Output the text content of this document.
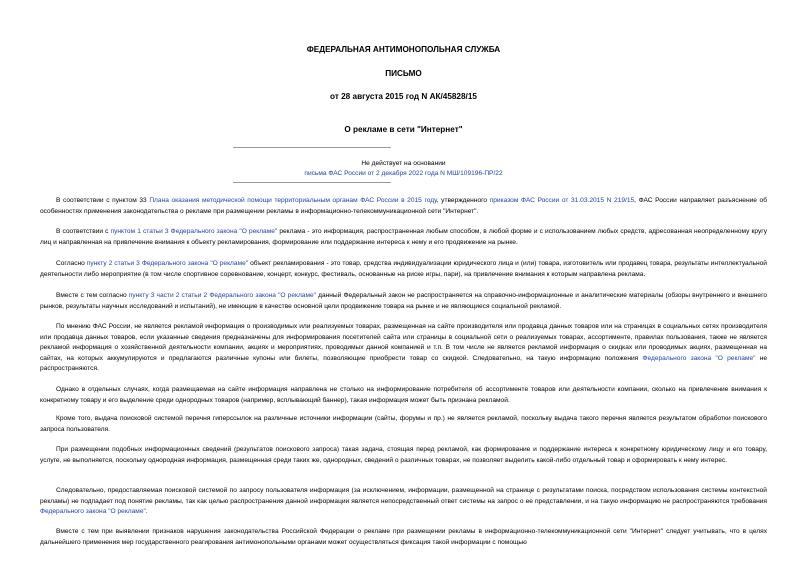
ФЕДЕРАЛЬНАЯ АНТИМОНОПОЛЬНАЯ СЛУЖБА
ПИСЬМО
от 28 августа 2015 год N АК/45828/15
О рекламе в сети "Интернет"
Не действует на основании
письма ФАС России от 2 декабря 2022 года N МШ/109196-ПР/22
В соответствии с пунктом 33 Плана оказания методической помощи территориальным органам ФАС России в 2015 году, утвержденного приказом ФАС России от 31.03.2015 N 219/15, ФАС России направляет разъяснение об особенностях применения законодательства о рекламе при размещении рекламы в информационно-телекоммуникационной сети "Интернет".
В соответствии с пунктом 1 статьи 3 Федерального закона "О рекламе" реклама - это информация, распространенная любым способом, в любой форме и с использованием любых средств, адресованная неопределенному кругу лиц и направленная на привлечение внимания к объекту рекламирования, формирование или поддержание интереса к нему и его продвижение на рынке.
Согласно пункту 2 статьи 3 Федерального закона "О рекламе" объект рекламирования - это товар, средства индивидуализации юридического лица и (или) товара, изготовитель или продавец товара, результаты интеллектуальной деятельности либо мероприятие (в том числе спортивное соревнование, концерт, конкурс, фестиваль, основанные на риске игры, пари), на привлечение внимания к которым направлена реклама.
Вместе с тем согласно пункту 3 части 2 статьи 2 Федерального закона "О рекламе" данный Федеральный закон не распространяется на справочно-информационные и аналитические материалы (обзоры внутреннего и внешнего рынков, результаты научных исследований и испытаний), не имеющие в качестве основной цели продвижение товара на рынке и не являющиеся социальной рекламой.
По мнению ФАС России, не является рекламой информация о производимых или реализуемых товарах, размещенная на сайте производителя или продавца данных товаров или на страницах в социальных сетях производителя или продавца данных товаров, если указанные сведения предназначены для информирования посетителей сайта или страницы в социальной сети о реализуемых товарах, ассортименте, правилах пользования, также не является рекламой информация о хозяйственной деятельности компании, акциях и мероприятиях, проводимых данной компанией и т.п. В том числе не является рекламой информация о скидках или проводимых акциях, размещенная на сайтах, на которых аккумулируются и предлагаются различные купоны или билеты, позволяющие приобрести товар со скидкой. Следовательно, на такую информацию положения Федерального закона "О рекламе" не распространяются.
Однако в отдельных случаях, когда размещаемая на сайте информация направлена не столько на информирование потребителя об ассортименте товаров или деятельности компании, сколько на привлечение внимания к конкретному товару и его выделение среди однородных товаров (например, всплывающий баннер), такая информация может быть признана рекламой.
Кроме того, выдача поисковой системой перечня гиперссылок на различные источники информации (сайты, форумы и пр.) не является рекламой, поскольку выдача такого перечня является результатом обработки поискового запроса пользователя.
При размещении подобных информационных сведений (результатов поискового запроса) такая задача, стоящая перед рекламой, как формирование и поддержание интереса к конкретному юридическому лицу и его товару, услуге, не выполняется, поскольку однородная информация, размещенная среди таких же, однородных, сведений о различных товарах, не позволяет выделить какой-либо отдельный товар и сформировать к нему интерес.
Следовательно, предоставляемая поисковой системой по запросу пользователя информация (за исключением, информации, размещенной на странице с результатами поиска, посредством использования системы контекстной рекламы) не подпадает под понятие рекламы, так как целью распространения данной информации является непосредственный ответ системы на запрос о ее представлении, и на такую информацию не распространяются требования Федерального закона "О рекламе".
Вместе с тем при выявлении признаков нарушения законодательства Российской Федерации о рекламе при размещении рекламы в информационно-телекоммуникационной сети "Интернет" следует учитывать, что в целях дальнейшего применения мер государственного реагирования антимонопольными органами может осуществляться фиксация такой информации с помощью
